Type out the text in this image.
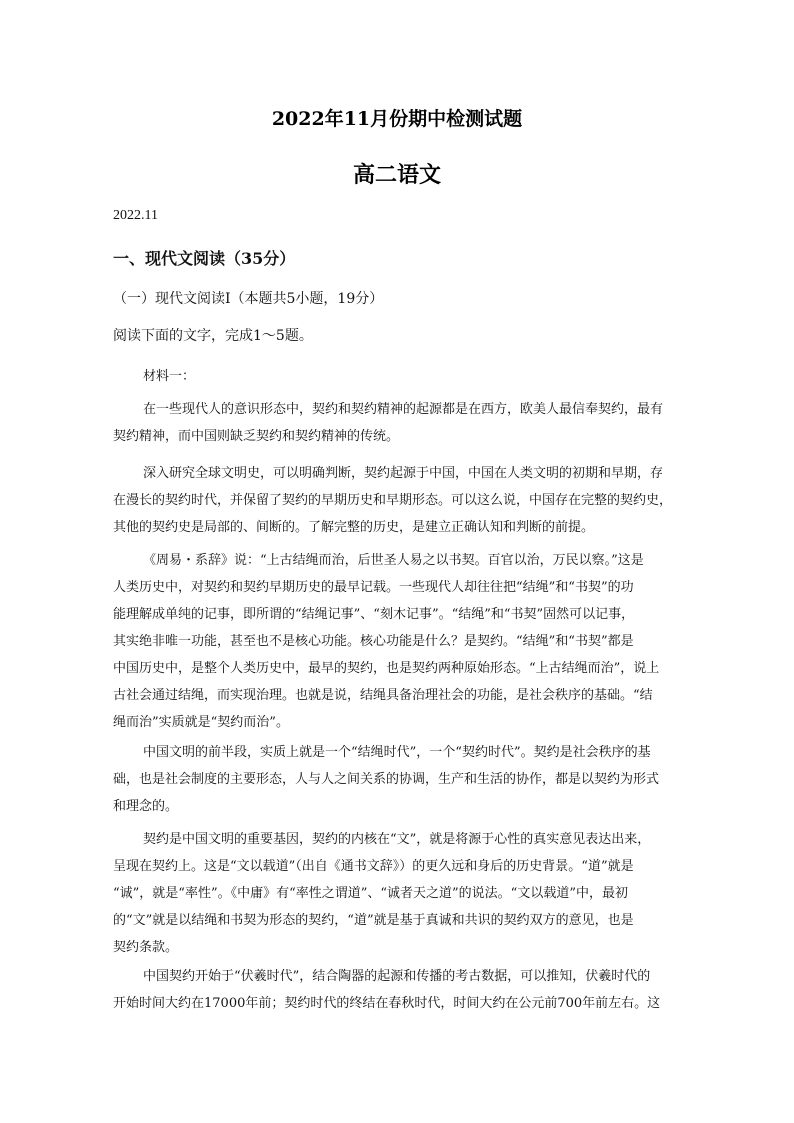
2022年11月份期中检测试题
高二语文
2022.11
一、现代文阅读（35分）
（一）现代文阅读Ⅰ（本题共5小题，19分）
阅读下面的文字，完成1～5题。
材料一：
在一些现代人的意识形态中，契约和契约精神的起源都是在西方，欧美人最信奉契约，最有
契约精神，而中国则缺乏契约和契约精神的传统。
深入研究全球文明史，可以明确判断，契约起源于中国，中国在人类文明的初期和早期，存
在漫长的契约时代，并保留了契约的早期历史和早期形态。可以这么说，中国存在完整的契约史，
其他的契约史是局部的、间断的。了解完整的历史，是建立正确认知和判断的前提。
《周易・系辞》说：“上古结绳而治，后世圣人易之以书契。百官以治，万民以察。”这是
人类历史中，对契约和契约早期历史的最早记载。一些现代人却往往把“结绳”和“书契”的功
能理解成单纯的记事，即所谓的“结绳记事”、“刻木记事”。“结绳”和“书契”固然可以记事，
其实绝非唯一功能，甚至也不是核心功能。核心功能是什么？是契约。“结绳”和“书契”都是
中国历史中，是整个人类历史中，最早的契约，也是契约两种原始形态。“上古结绳而治”，说上
古社会通过结绳，而实现治理。也就是说，结绳具备治理社会的功能，是社会秩序的基础。“结
绳而治”实质就是“契约而治”。
中国文明的前半段，实质上就是一个“结绳时代”，一个“契约时代”。契约是社会秩序的基
础，也是社会制度的主要形态，人与人之间关系的协调，生产和生活的协作，都是以契约为形式
和理念的。
契约是中国文明的重要基因，契约的内核在“文”，就是将源于心性的真实意见表达出来，
呈现在契约上。这是“文以载道”（出自《通书文辞》）的更久远和身后的历史背景。“道”就是
“诚”，就是“率性”。《中庸》有“率性之谓道”、“诚者天之道”的说法。“文以载道”中，最初
的“文”就是以结绳和书契为形态的契约，“道”就是基于真诚和共识的契约双方的意见，也是
契约条款。
中国契约开始于“伏羲时代”，结合陶器的起源和传播的考古数据，可以推知，伏羲时代的
开始时间大约在17000年前；契约时代的终结在春秋时代，时间大约在公元前700年前左右。这
